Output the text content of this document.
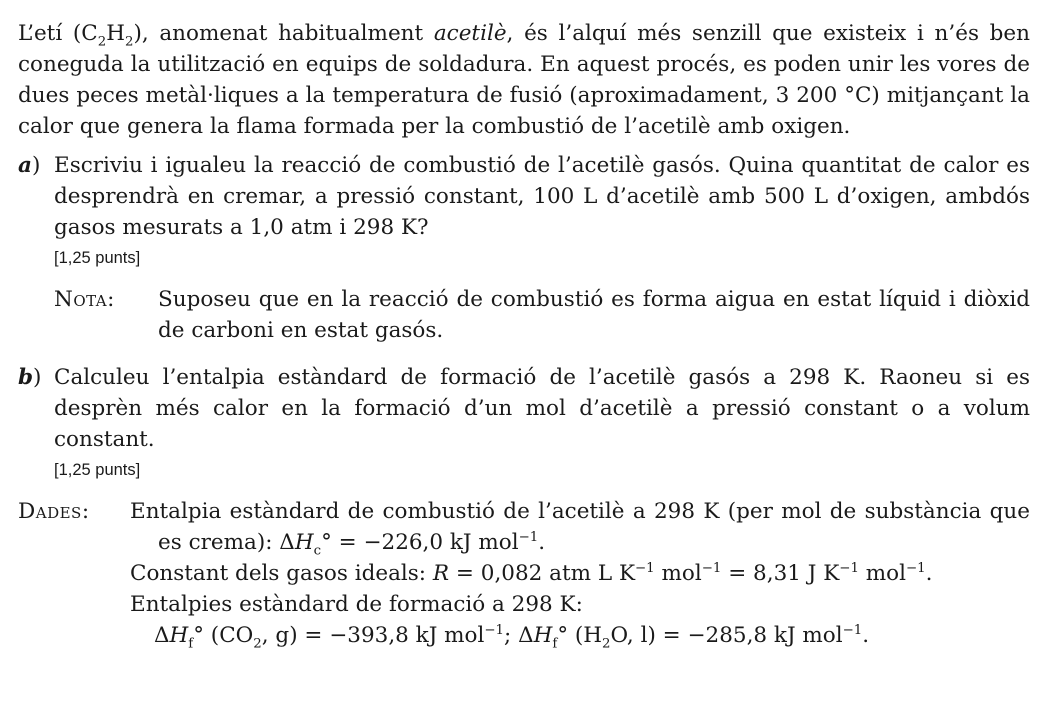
L’etí $(C_2H_2)$, anomenat habitualment acetilè, és l’alquí més senzill que existeix i n’és ben coneguda la utilització en equips de soldadura. En aquest procés, es poden unir les vores de dues peces metàl·liques a la temperatura de fusió (aproximadament, 3 200 °C) mitjançant la calor que genera la flama formada per la combustió de l’acetilè amb oxigen.

a) Escriviu i igualeu la reacció de combustió de l’acetilè gasós. Quina quantitat de calor es desprendrà en cremar, a pressió constant, 100 L d’acetilè amb 500 L d’oxigen, ambdós gasos mesurats a 1,0 atm i 298 K?

[1,25 punts]

Nota:	Suposeu que en la reacció de combustió es forma aigua en estat líquid i diòxid de carboni en estat gasós.

b) Calculeu l’entalpia estàndard de formació de l’acetilè gasós a 298 K. Raoneu si es desprèn més calor en la formació d’un mol d’acetilè a pressió constant o a volum constant.

[1,25 punts]

Dades:	Entalpia estàndard de combustió de l’acetilè a 298 K (per mol de substància que es crema): $\Delta H_c^\circ = -226,0$ kJ mol$^{-1}$.

Constant dels gasos ideals: R = 0,082 atm L $K^{-1}$ mol$^{-1}$ = 8,31 J $K^{-1}$ mol$^{-1}$.

Entalpies estàndard de formació a 298 K:

$\Delta H_f^\circ$ ($CO_2$, g) = −393,8 kJ mol$^{-1}$; $\Delta H_f^\circ$ ($H_2O$, l) = −285,8 kJ mol$^{-1}$.
